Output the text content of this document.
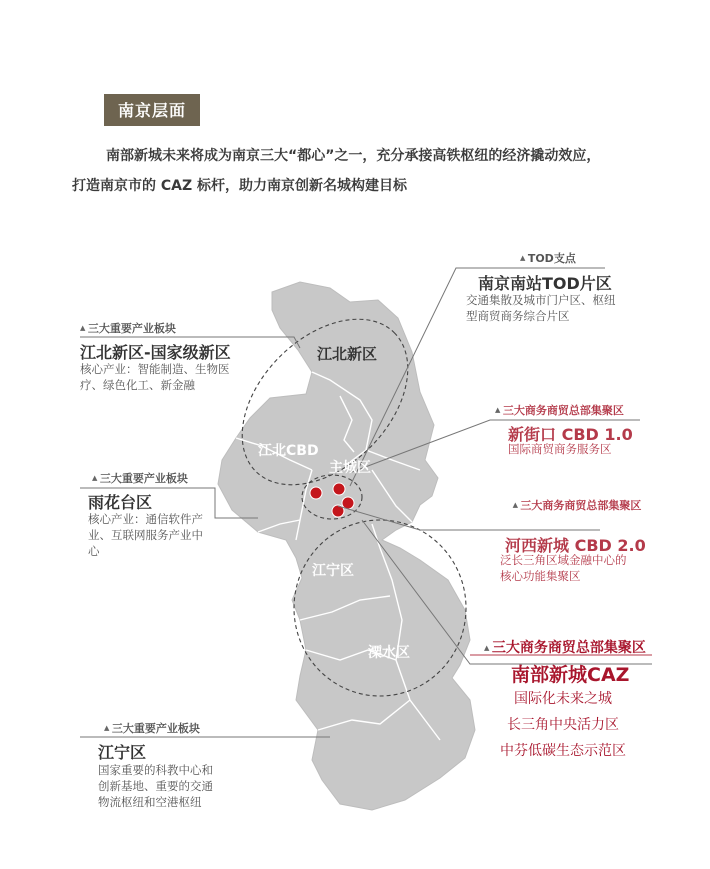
南京层面
南部新城未来将成为南京三大“都心”之一，充分承接高铁枢纽的经济撬动效应，
打造南京市的 CAZ 标杆，助力南京创新名城构建目标
江北新区
江北CBD
主城区
江宁区
溧水区
▲ TOD支点
南京南站TOD片区
交通集散及城市门户区、枢纽型商贸商务综合片区
▲ 三大重要产业板块
江北新区-国家级新区
核心产业：智能制造、生物医疗、绿色化工、新金融
▲ 三大商务商贸总部集聚区
新街口 CBD 1.0
国际商贸商务服务区
▲ 三大重要产业板块
雨花台区
核心产业：通信软件产业、互联网服务产业中心
▲ 三大商务商贸总部集聚区
河西新城 CBD 2.0
泛长三角区域金融中心的核心功能集聚区
▲ 三大商务商贸总部集聚区
南部新城CAZ
国际化未来之城
长三角中央活力区
中芬低碳生态示范区
▲ 三大重要产业板块
江宁区
国家重要的科教中心和创新基地、重要的交通物流枢纽和空港枢纽
